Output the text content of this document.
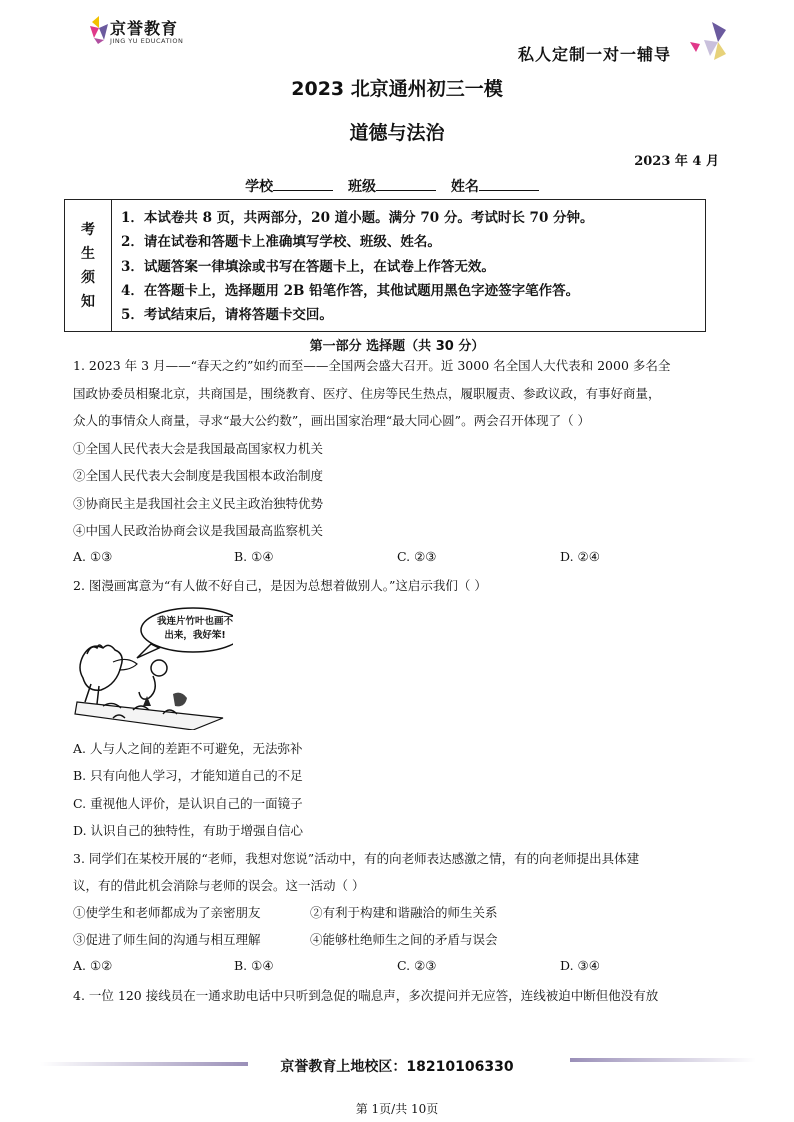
京誉教育
JING YU EDUCATION
私人定制一对一辅导
2023 北京通州初三一模
道德与法治
2023 年 4 月
学校	班级	姓名
考
生
须
知
1．本试卷共 8 页，共两部分，20 道小题。满分 70 分。考试时长 70 分钟。
2．请在试卷和答题卡上准确填写学校、班级、姓名。
3．试题答案一律填涂或书写在答题卡上，在试卷上作答无效。
4．在答题卡上，选择题用 2B 铅笔作答，其他试题用黑色字迹签字笔作答。
5．考试结束后，请将答题卡交回。
第一部分 选择题（共 30 分）
1. 2023 年 3 月——“春天之约”如约而至——全国两会盛大召开。近 3000 名全国人大代表和 2000 多名全
国政协委员相聚北京，共商国是，围绕教育、医疗、住房等民生热点，履职履责、参政议政，有事好商量，
众人的事情众人商量，寻求“最大公约数”，画出国家治理“最大同心圆”。两会召开体现了（ ）
①全国人民代表大会是我国最高国家权力机关
②全国人民代表大会制度是我国根本政治制度
③协商民主是我国社会主义民主政治独特优势
④中国人民政治协商会议是我国最高监察机关
A. ①③	B. ①④	C. ②③	D. ②④
2. 图漫画寓意为“有人做不好自己，是因为总想着做别人。”这启示我们（ ）
我连片竹叶也画不
出来，我好笨!
A. 人与人之间的差距不可避免，无法弥补
B. 只有向他人学习，才能知道自己的不足
C. 重视他人评价，是认识自己的一面镜子
D. 认识自己的独特性，有助于增强自信心
3. 同学们在某校开展的“老师，我想对您说”活动中，有的向老师表达感激之情，有的向老师提出具体建
议，有的借此机会消除与老师的误会。这一活动（ ）
①使学生和老师都成为了亲密朋友	②有利于构建和谐融洽的师生关系
③促进了师生间的沟通与相互理解	④能够杜绝师生之间的矛盾与误会
A. ①②	B. ①④	C. ②③	D. ③④
4. 一位 120 接线员在一通求助电话中只听到急促的喘息声，多次提问并无应答，连线被迫中断但他没有放
京誉教育上地校区：18210106330
第 1页/共 10页
